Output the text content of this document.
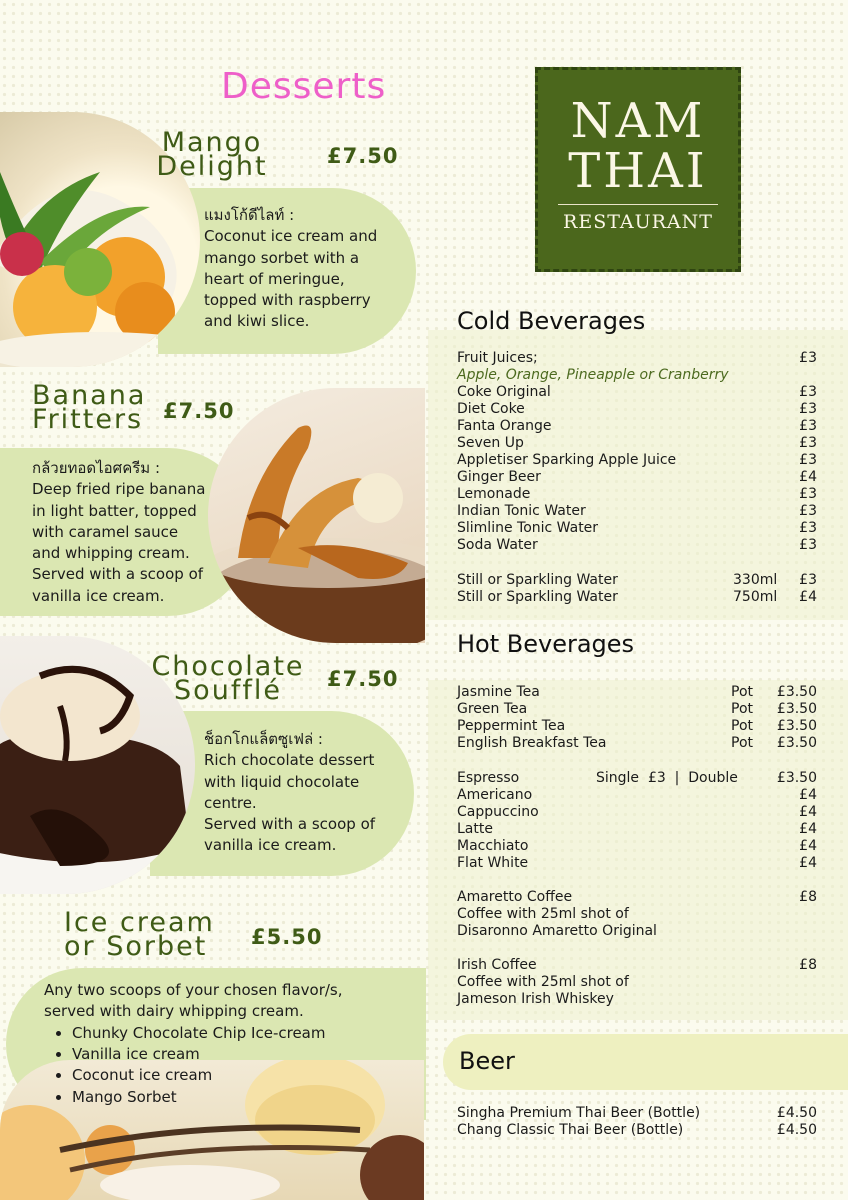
Desserts
Mango
Delight	£7.50
แมงโก้ดีไลท์ :
Coconut ice cream and
mango sorbet with a
heart of meringue,
topped with raspberry
and kiwi slice.
Banana
Fritters £7.50
กล้วยทอดไอศครีม :
Deep fried ripe banana
in light batter, topped
with caramel sauce
and whipping cream.
Served with a scoop of
vanilla ice cream.
Chocolate
Soufflé	£7.50
ช็อกโกแล็ตซูเฟล่ :
Rich chocolate dessert
with liquid chocolate
centre.
Served with a scoop of
vanilla ice cream.
Ice cream
or Sorbet	£5.50
Any two scoops of your chosen flavor/s,
served with dairy whipping cream.
• Chunky Chocolate Chip Ice-cream
• Vanilla ice cream
• Coconut ice cream
• Mango Sorbet
NAM
THAI
RESTAURANT
Cold Beverages
Fruit Juices;	£3
Apple, Orange, Pineapple or Cranberry
Coke Original	£3
Diet Coke	£3
Fanta Orange	£3
Seven Up	£3
Appletiser Sparking Apple Juice	£3
Ginger Beer	£4
Lemonade	£3
Indian Tonic Water	£3
Slimline Tonic Water	£3
Soda Water	£3
Still or Sparkling Water	330ml £3
Still or Sparkling Water	750ml £4
Hot Beverages
Jasmine Tea	Pot £3.50
Green Tea	Pot £3.50
Peppermint Tea	Pot £3.50
English Breakfast Tea	Pot £3.50
Espresso	Single  £3  |  Double	£3.50
Americano	£4
Cappuccino	£4
Latte	£4
Macchiato	£4
Flat White	£4
Amaretto Coffee	£8
Coffee with 25ml shot of
Disaronno Amaretto Original
Irish Coffee	£8
Coffee with 25ml shot of
Jameson Irish Whiskey
Beer
Singha Premium Thai Beer (Bottle)	£4.50
Chang Classic Thai Beer (Bottle)	£4.50
